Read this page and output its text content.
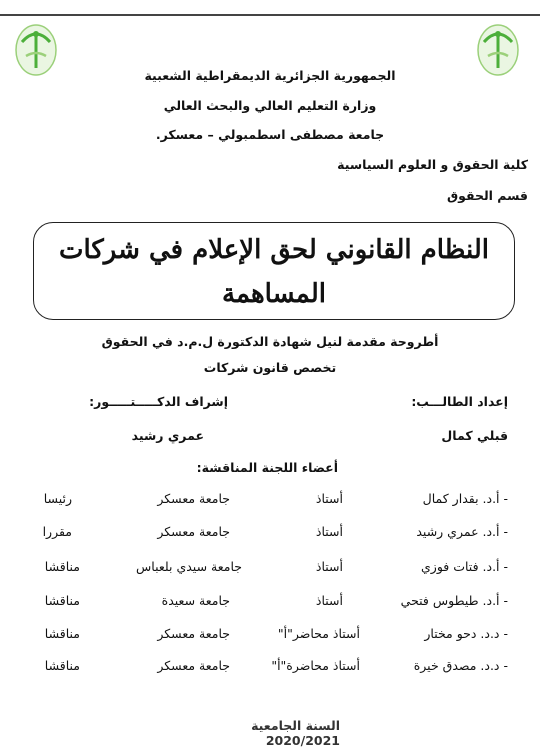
الجمهورية الجزائرية الديمقراطية الشعبية
وزارة التعليم العالي والبحث العالي
جامعة مصطفى اسطمبولي – معسكر.
كلية الحقوق و العلوم السياسية
قسم الحقوق
النظام القانوني لحق الإعلام في شركات
المساهمة
أطروحة مقدمة لنيل شهادة الدكتورة ل.م.د في الحقوق
تخصص قانون شركات
إعداد الطالـــب:
إشراف الدكـــــتـــــور:
قبلي كمال
عمري رشيد
أعضاء اللجنة المناقشة:
- أ.د. بقدار كمال
أستاذ
جامعة معسكر
رئيسا
- أ.د. عمري رشيد
أستاذ
جامعة معسكر
مقررا
- أ.د. فتات فوزي
أستاذ
جامعة سيدي بلعباس
مناقشا
- أ.د. طيطوس فتحي
أستاذ
جامعة سعيدة
مناقشا
- د.د. دحو مختار
أستاذ محاضر"أ"
جامعة معسكر
مناقشا
- د.د. مصدق خيرة
أستاذ محاضرة"أ"
جامعة معسكر
مناقشا
السنة الجامعية 2020/2021
